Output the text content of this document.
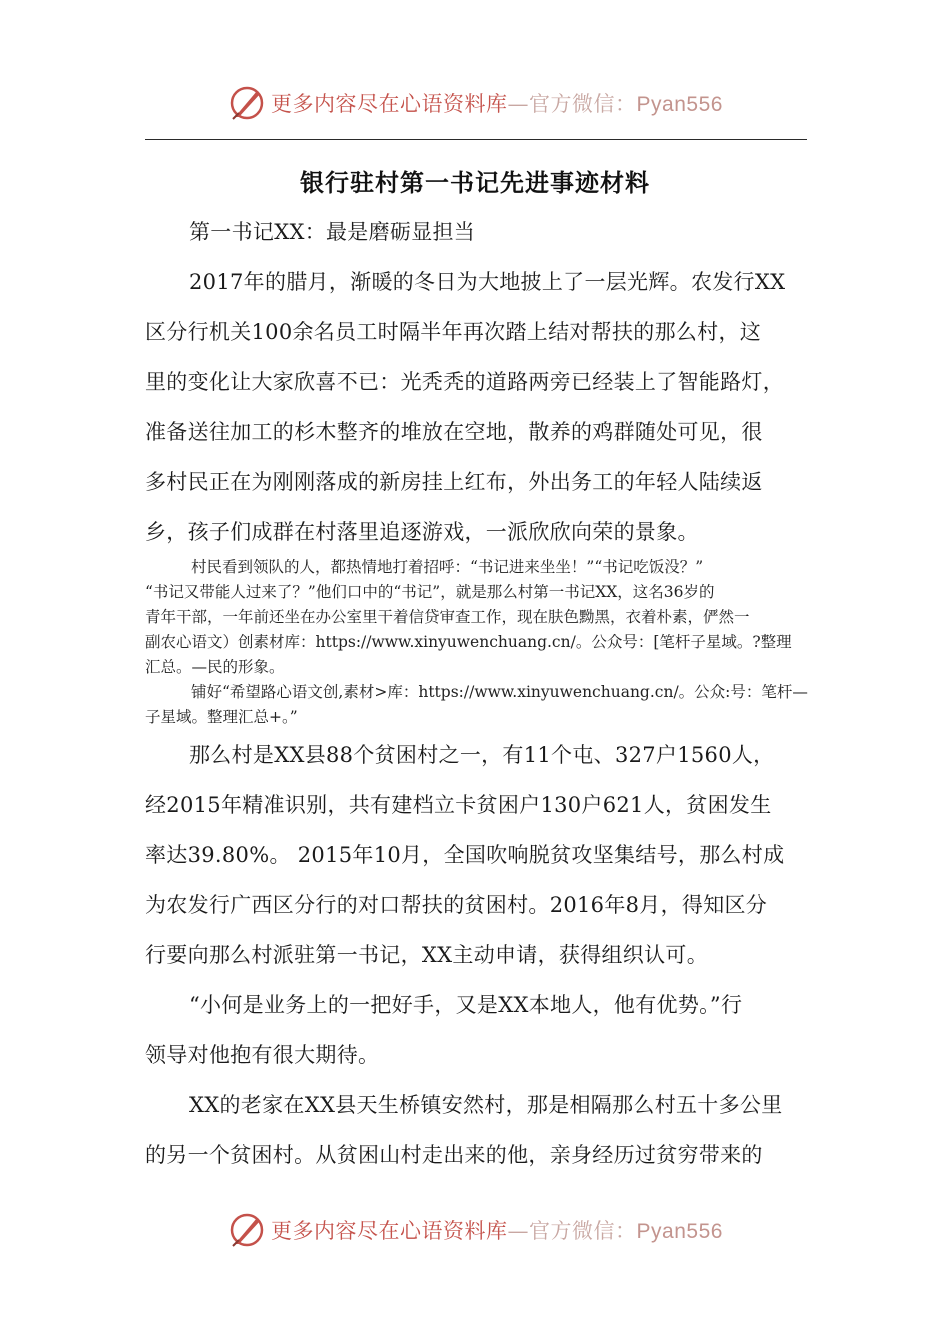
更多内容尽在心语资料库—官方微信：Pyan556
银行驻村第一书记先进事迹材料
第一书记XX：最是磨砺显担当
2017年的腊月，渐暖的冬日为大地披上了一层光辉。农发行XX
区分行机关100余名员工时隔半年再次踏上结对帮扶的那么村，这
里的变化让大家欣喜不已：光秃秃的道路两旁已经装上了智能路灯，
准备送往加工的杉木整齐的堆放在空地，散养的鸡群随处可见，很
多村民正在为刚刚落成的新房挂上红布，外出务工的年轻人陆续返
乡，孩子们成群在村落里追逐游戏，一派欣欣向荣的景象。
村民看到领队的人，都热情地打着招呼：“书记进来坐坐！”“书记吃饭没？”
“书记又带能人过来了？”他们口中的“书记”，就是那么村第一书记XX，这名36岁的
青年干部，一年前还坐在办公室里干着信贷审查工作，现在肤色黝黑，衣着朴素，俨然一
副农心语文）创素材库：https://www.xinyuwenchuang.cn/。公众号：[笔杆子星域。?整理
汇总。—民的形象。
铺好“希望路心语文创,素材>库：https://www.xinyuwenchuang.cn/。公众:号：笔杆—
子星域。整理汇总+。”
那么村是XX县88个贫困村之一，有11个屯、327户1560人，
经2015年精准识别，共有建档立卡贫困户130户621人，贫困发生
率达39.80%。 2015年10月，全国吹响脱贫攻坚集结号，那么村成
为农发行广西区分行的对口帮扶的贫困村。2016年8月，得知区分
行要向那么村派驻第一书记，XX主动申请，获得组织认可。
“小何是业务上的一把好手，又是XX本地人，他有优势。”行
领导对他抱有很大期待。
XX的老家在XX县天生桥镇安然村，那是相隔那么村五十多公里
的另一个贫困村。从贫困山村走出来的他，亲身经历过贫穷带来的
更多内容尽在心语资料库—官方微信：Pyan556
